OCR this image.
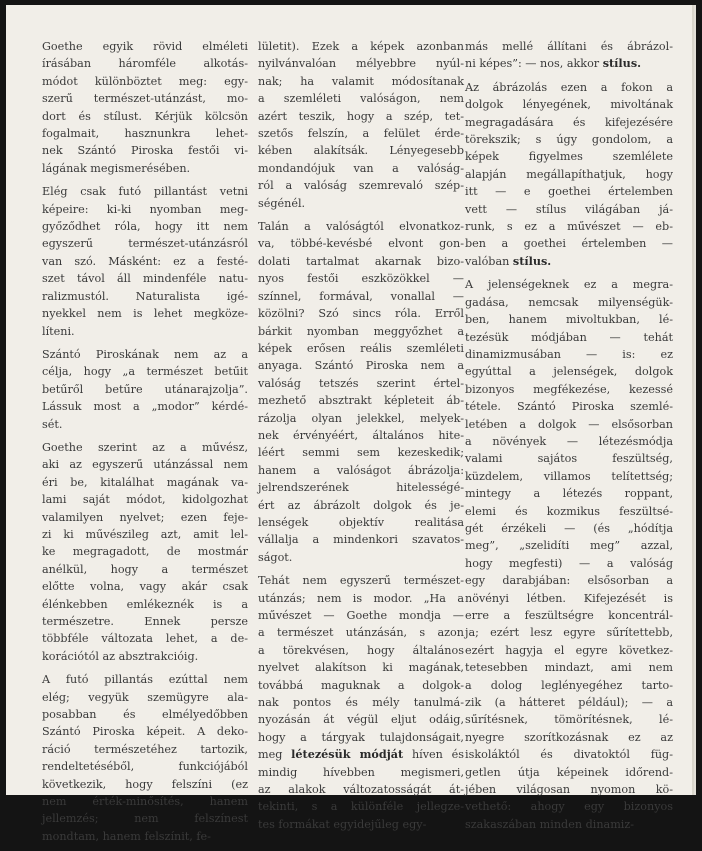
Goethe egyik rövid elméleti
írásában háromféle alkotás-
módot különböztet meg: egy-
szerű természet-utánzást, mo-
dort és stílust. Kérjük kölcsön
fogalmait, hasznunkra lehet-
nek Szántó Piroska festői vi-
lágának megismerésében.

Elég csak futó pillantást vetni
képeire: ki-ki nyomban meg-
győződhet róla, hogy itt nem
egyszerű természet-utánzásról
van szó. Másként: ez a festé-
szet távol áll mindenféle natu-
ralizmustól. Naturalista igé-
nyekkel nem is lehet megköze-
líteni.

Szántó Piroskának nem az a
célja, hogy „a természet betűit
betűről betűre utánarajzolja”.
Lássuk most a „modor” kérdé-
sét.

Goethe szerint az a művész,
aki az egyszerű utánzással nem
éri be, kitalálhat magának va-
lami saját módot, kidolgozhat
valamilyen nyelvet; ezen feje-
zi ki művészileg azt, amit lel-
ke megragadott, de mostmár
anélkül, hogy a természet
előtte volna, vagy akár csak
élénkebben emlékeznék is a
természetre. Ennek persze
többféle változata lehet, a de-
korációtól az absztrakcióig.

A futó pillantás ezúttal nem
elég; vegyük szemügyre ala-
posabban és elmélyedőbben
Szántó Piroska képeit. A deko-
ráció természetéhez tartozik,
rendeltetéséből, funkciójából
következik, hogy felszíni (ez
nem érték-minősítés, hanem
jellemzés; nem felszínest
mondtam, hanem felszínit, fe-

lületit). Ezek a képek azonban
nyilvánvalóan mélyebbre nyúl-
nak; ha valamit módosítanak
a szemléleti valóságon, nem
azért teszik, hogy a szép, tet-
szetős felszín, a felület érde-
kében alakítsák. Lényegesebb
mondandójuk van a valóság-
ról a valóság szemrevaló szép-
ségénél.

Talán a valóságtól elvonatkoz-
va, többé-kevésbé elvont gon-
dolati tartalmat akarnak bizo-
nyos festői eszközökkel —
színnel, formával, vonallal —
közölni? Szó sincs róla. Erről
bárkit nyomban meggyőzhet a
képek erősen reális szemléleti
anyaga. Szántó Piroska nem a
valóság tetszés szerint értel-
mezhető absztrakt képleteit áb-
rázolja olyan jelekkel, melyek-
nek érvényéért, általános hite-
léért semmi sem kezeskedik;
hanem a valóságot ábrázolja:
jelrendszerének hitelességé-
ért az ábrázolt dolgok és je-
lenségek objektív realitása
vállalja a mindenkori szavatos-
ságot.

Tehát nem egyszerű természet-
utánzás; nem is modor. „Ha a
művészet — Goethe mondja —
a természet utánzásán, s azon
a törekvésen, hogy általános
nyelvet alakítson ki magának,
továbbá maguknak a dolgok-
nak pontos és mély tanulmá-
nyozásán át végül eljut odáig,
hogy a tárgyak tulajdonságait,
meg létezésük módját híven és
mindig hívebben megismeri,
az alakok változatosságát át-
tekinti, s a különféle jellegze-
tes formákat egyidejűleg egy-

más mellé állítani és ábrázol-
ni képes”: — nos, akkor stílus.

Az ábrázolás ezen a fokon a
dolgok lényegének, mivoltának
megragadására és kifejezésére
törekszik; s úgy gondolom, a
képek figyelmes szemlélete
alapján megállapíthatjuk, hogy
itt — e goethei értelemben
vett — stílus világában já-
runk, s ez a művészet — eb-
ben a goethei értelemben —
valóban stílus.

A jelenségeknek ez a megra-
gadása, nemcsak milyenségük-
ben, hanem mivoltukban, lé-
tezésük módjában — tehát
dinamizmusában — is: ez
egyúttal a jelenségek, dolgok
bizonyos megfékezése, kezessé
tétele. Szántó Piroska szemlé-
letében a dolgok — elsősorban
a növények — létezésmódja
valami sajátos feszültség,
küzdelem, villamos telítettség;
mintegy a létezés roppant,
elemi és kozmikus feszültsé-
gét érzékeli — (és „hódítja
meg”, „szelidíti meg” azzal,
hogy megfesti) — a valóság
egy darabjában: elsősorban a
növényi létben. Kifejezését is
erre a feszültségre koncentrál-
ja; ezért lesz egyre sűrítettebb,
ezért hagyja el egyre következ-
tetesebben mindazt, ami nem
a dolog leglényegéhez tarto-
zik (a hátteret például); — a
sűrítésnek, tömörítésnek, lé-
nyegre szorítkozásnak ez az
iskoláktól és divatoktól füg-
getlen útja képeinek időrend-
jében világosan nyomon kö-
vethető: ahogy egy bizonyos
szakaszában minden dinamiz-
